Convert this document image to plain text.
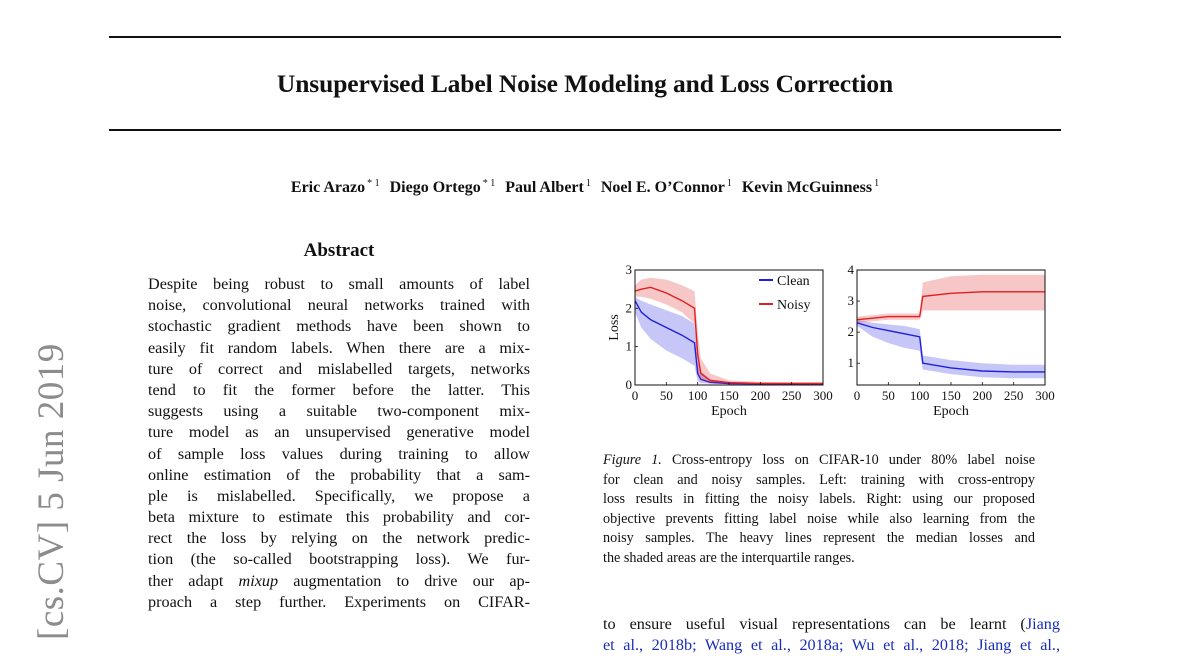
Unsupervised Label Noise Modeling and Loss Correction
Eric Arazo $^{* 1}$ Diego Ortego $^{* 1}$ Paul Albert $^1$ Noel E. O’Connor $^1$ Kevin McGuinness $^1$
[cs.CV] 5 Jun 2019
Abstract
Despite being robust to small amounts of label
noise, convolutional neural networks trained with
stochastic gradient methods have been shown to
easily fit random labels. When there are a mix-
ture of correct and mislabelled targets, networks
tend to fit the former before the latter. This
suggests using a suitable two-component mix-
ture model as an unsupervised generative model
of sample loss values during training to allow
online estimation of the probability that a sam-
ple is mislabelled. Specifically, we propose a
beta mixture to estimate this probability and cor-
rect the loss by relying on the network predic-
tion (the so-called bootstrapping loss). We fur-
ther adapt mixup augmentation to drive our ap-
proach a step further. Experiments on CIFAR-
0 50 100 150 200 250 300
0
1
2
3
Epoch
Loss
Clean
Noisy
0 50 100 150 200 250 300
1
2
3
4
Epoch
Figure 1. Cross-entropy loss on CIFAR-10 under 80% label noise
for clean and noisy samples. Left: training with cross-entropy
loss results in fitting the noisy labels. Right: using our proposed
objective prevents fitting label noise while also learning from the
noisy samples. The heavy lines represent the median losses and
the shaded areas are the interquartile ranges.
to ensure useful visual representations can be learnt (Jiang
et al., 2018b; Wang et al., 2018a; Wu et al., 2018; Jiang et al.,
